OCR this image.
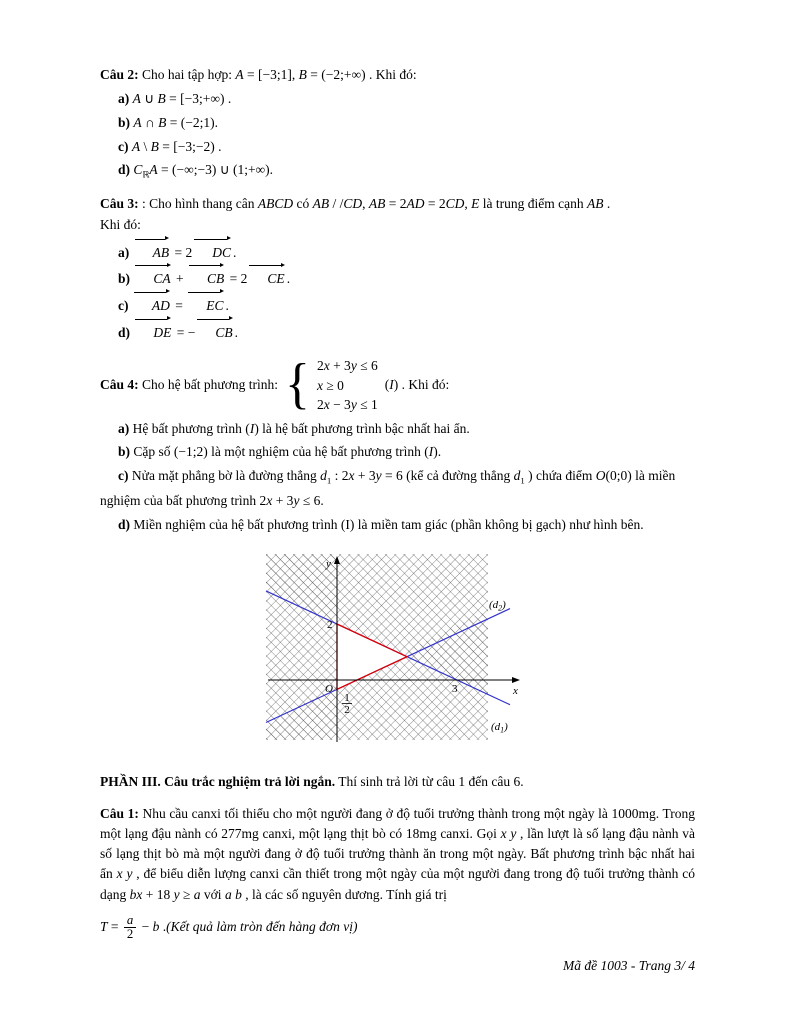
Câu 2: Cho hai tập hợp: A = [−3;1], B = (−2;+∞) . Khi đó:

a) A ∪ B = [−3;+∞) .

b) A ∩ B = (−2;1).

c) A \ B = [−3;−2) .

d) $C_ℝA$ = (−∞;−3) ∪ (1;+∞).

Câu 3: : Cho hình thang cân ABCD có AB / /CD, AB = 2AD = 2CD, E là trung điểm cạnh AB .

Khi đó:

a) AB = 2 DC .

b) CA + CB = 2 CE .

c) AD = EC .

d) DE = − CB .

Câu 4: Cho hệ bất phương trình: { 2x + 3y ≤ 6
x ≥ 0
2x − 3y ≤ 1
(I) . Khi đó:

a) Hệ bất phương trình (I) là hệ bất phương trình bậc nhất hai ẩn.

b) Cặp số (−1;2) là một nghiệm của hệ bất phương trình (I).

c) Nửa mặt phẳng bờ là đường thẳng $d_1$ : 2x + 3y = 6 (kể cả đường thẳng $d_1$ ) chứa điểm O(0;0) là miền nghiệm của bất phương trình 2x + 3y ≤ 6.

d) Miền nghiệm của hệ bất phương trình (I) là miền tam giác (phần không bị gạch) như hình bên.

y
x
O
2
3
1
2
$(d_2)$
$(d_1)$

PHẦN III. Câu trắc nghiệm trả lời ngắn. Thí sinh trả lời từ câu 1 đến câu 6.

Câu 1: Nhu cầu canxi tối thiểu cho một người đang ở độ tuổi trưởng thành trong một ngày là 1000mg. Trong một lạng đậu nành có 277mg canxi, một lạng thịt bò có 18mg canxi. Gọi x y , lần lượt là số lạng đậu nành và số lạng thịt bò mà một người đang ở độ tuổi trưởng thành ăn trong một ngày. Bất phương trình bậc nhất hai ẩn x y , để biểu diễn lượng canxi cần thiết trong một ngày của một người đang trong độ tuổi trưởng thành có dạng bx + 18 y ≥ a với a b , là các số nguyên dương. Tính giá trị

$T = \frac{a}{2} - b$ .(Kết quả làm tròn đến hàng đơn vị)

Mã đề 1003 - Trang 3/ 4
